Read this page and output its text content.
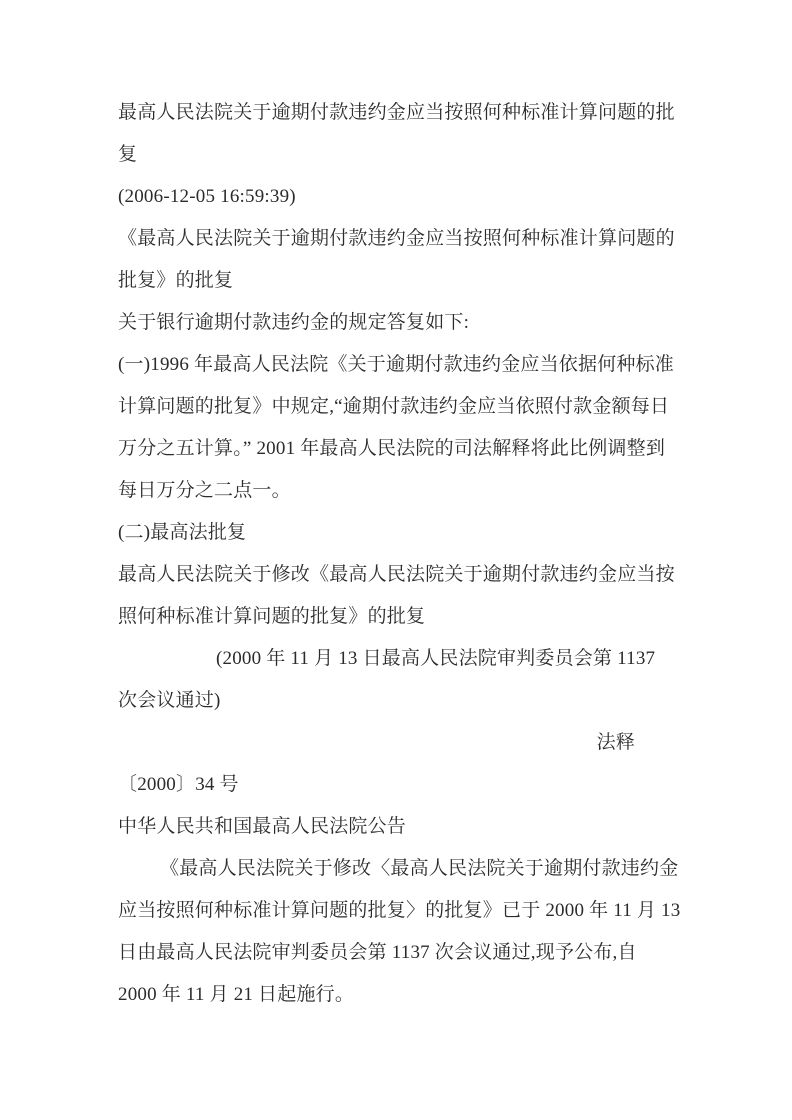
最高人民法院关于逾期付款违约金应当按照何种标准计算问题的批
复
(2006-12-05 16:59:39)
《最高人民法院关于逾期付款违约金应当按照何种标准计算问题的
批复》的批复
关于银行逾期付款违约金的规定答复如下:
(一)1996 年最高人民法院《关于逾期付款违约金应当依据何种标准
计算问题的批复》中规定,“逾期付款违约金应当依照付款金额每日
万分之五计算。” 2001 年最高人民法院的司法解释将此比例调整到
每日万分之二点一。
(二)最高法批复
最高人民法院关于修改《最高人民法院关于逾期付款违约金应当按
照何种标准计算问题的批复》的批复
(2000 年 11 月 13 日最高人民法院审判委员会第 1137
次会议通过)
法释
〔2000〕34 号
中华人民共和国最高人民法院公告
《最高人民法院关于修改〈最高人民法院关于逾期付款违约金
应当按照何种标准计算问题的批复〉的批复》已于 2000 年 11 月 13
日由最高人民法院审判委员会第 1137 次会议通过,现予公布,自
2000 年 11 月 21 日起施行。
